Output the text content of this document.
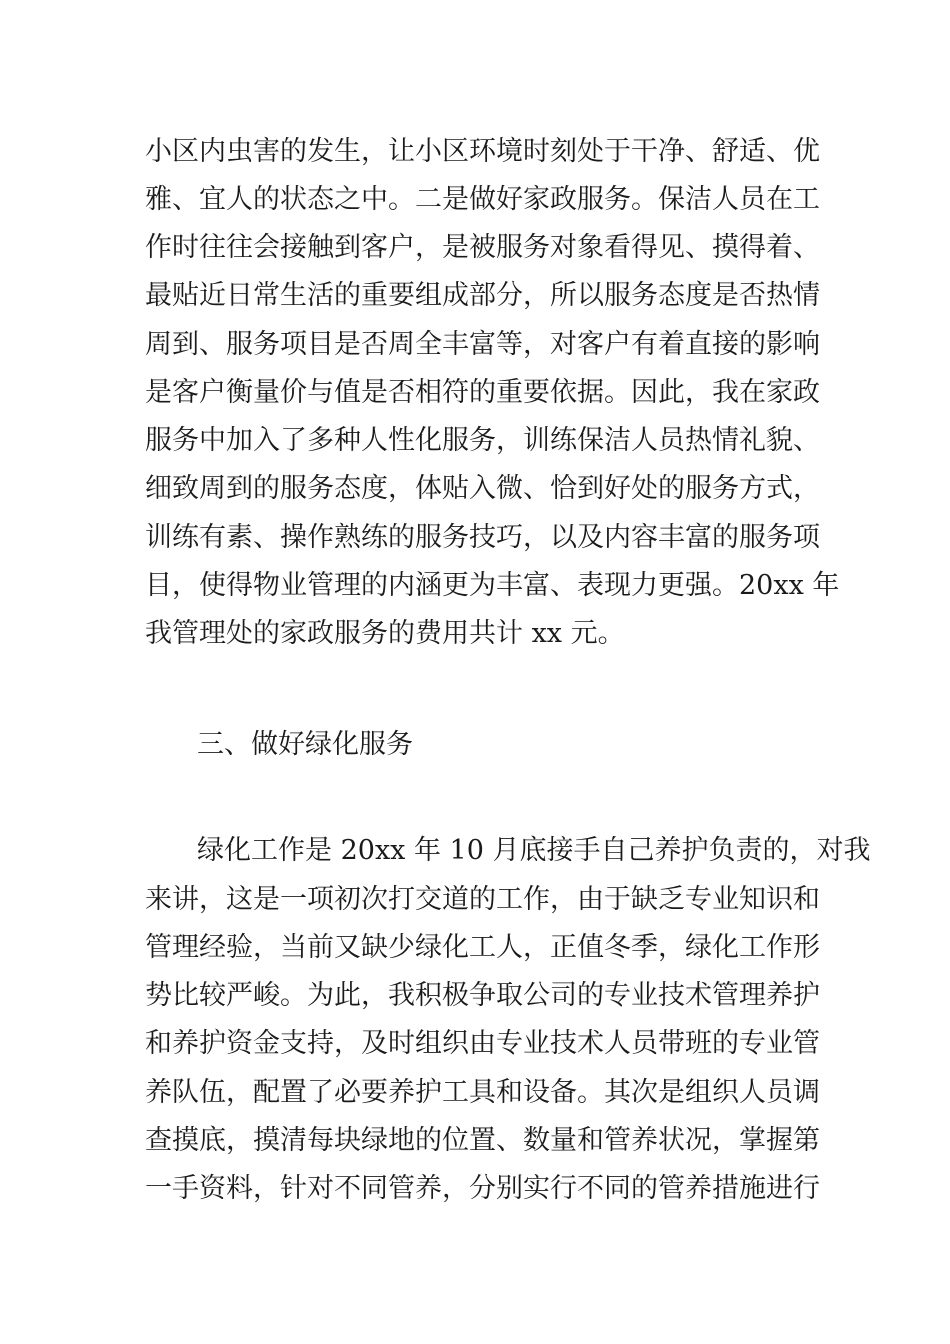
小区内虫害的发生，让小区环境时刻处于干净、舒适、优
雅、宜人的状态之中。二是做好家政服务。保洁人员在工
作时往往会接触到客户，是被服务对象看得见、摸得着、
最贴近日常生活的重要组成部分，所以服务态度是否热情
周到、服务项目是否周全丰富等，对客户有着直接的影响
是客户衡量价与值是否相符的重要依据。因此，我在家政
服务中加入了多种人性化服务，训练保洁人员热情礼貌、
细致周到的服务态度，体贴入微、恰到好处的服务方式，
训练有素、操作熟练的服务技巧，以及内容丰富的服务项
目，使得物业管理的内涵更为丰富、表现力更强。20xx 年
我管理处的家政服务的费用共计 xx 元。
三、做好绿化服务
绿化工作是 20xx 年 10 月底接手自己养护负责的，对我
来讲，这是一项初次打交道的工作，由于缺乏专业知识和
管理经验，当前又缺少绿化工人，正值冬季，绿化工作形
势比较严峻。为此，我积极争取公司的专业技术管理养护
和养护资金支持，及时组织由专业技术人员带班的专业管
养队伍，配置了必要养护工具和设备。其次是组织人员调
查摸底，摸清每块绿地的位置、数量和管养状况，掌握第
一手资料，针对不同管养，分别实行不同的管养措施进行
